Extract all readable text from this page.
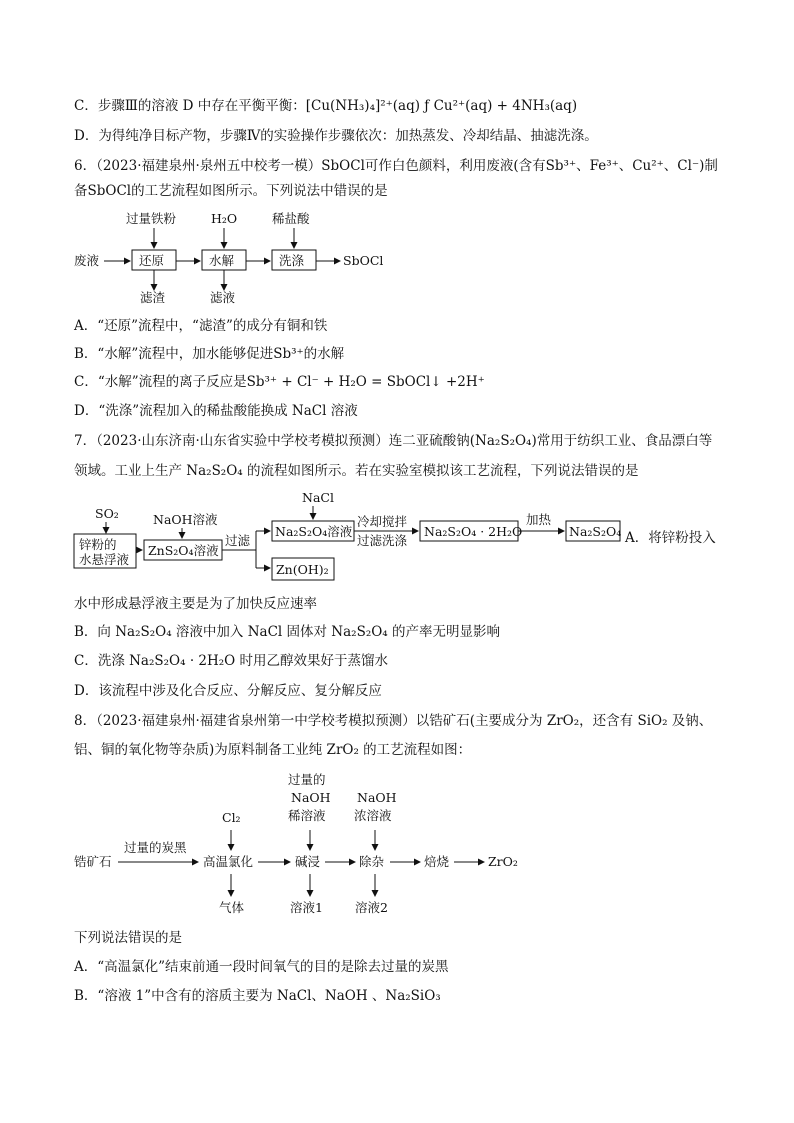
C．步骤Ⅲ的溶液 D 中存在平衡平衡：[Cu(NH₃)₄]²⁺(aq) ƒ Cu²⁺(aq) + 4NH₃(aq)
D．为得纯净目标产物，步骤Ⅳ的实验操作步骤依次：加热蒸发、冷却结晶、抽滤洗涤。
6．（2023·福建泉州·泉州五中校考一模）SbOCl可作白色颜料，利用废液(含有Sb³⁺、Fe³⁺、Cu²⁺、Cl⁻)制
备SbOCl的工艺流程如图所示。下列说法中错误的是
废液	还原	水解	洗涤	SbOCl
过量铁粉	H₂O	稀盐酸
滤渣	滤液
SO₂
锌粉的
水悬浮液
NaOH溶液
ZnS₂O₄溶液
过滤
NaCl
Na₂S₂O₄溶液
冷却搅拌
过滤洗涤
Na₂S₂O₄ · 2H₂O
加热
Na₂S₂O₄
Zn(OH)₂
锆矿石
过量的炭黑
高温氯化	碱浸	除杂	焙烧	ZrO₂
Cl₂
过量的
NaOH
稀溶液
NaOH
浓溶液
气体	溶液1	溶液2
A．“还原”流程中，“滤渣”的成分有铜和铁
B．“水解”流程中，加水能够促进Sb³⁺的水解
C．“水解”流程的离子反应是Sb³⁺ + Cl⁻ + H₂O = SbOCl↓ +2H⁺
D．“洗涤”流程加入的稀盐酸能换成 NaCl 溶液
7．（2023·山东济南·山东省实验中学校考模拟预测）连二亚硫酸钠(Na₂S₂O₄)常用于纺织工业、食品漂白等
领域。工业上生产 Na₂S₂O₄ 的流程如图所示。若在实验室模拟该工艺流程，下列说法错误的是
A．将锌粉投入
水中形成悬浮液主要是为了加快反应速率
B．向 Na₂S₂O₄ 溶液中加入 NaCl 固体对 Na₂S₂O₄ 的产率无明显影响
C．洗涤 Na₂S₂O₄ · 2H₂O 时用乙醇效果好于蒸馏水
D．该流程中涉及化合反应、分解反应、复分解反应
8．（2023·福建泉州·福建省泉州第一中学校考模拟预测）以锆矿石(主要成分为 ZrO₂，还含有 SiO₂ 及钠、
铝、铜的氧化物等杂质)为原料制备工业纯 ZrO₂ 的工艺流程如图：
下列说法错误的是
A．“高温氯化”结束前通一段时间氧气的目的是除去过量的炭黑
B．“溶液 1”中含有的溶质主要为 NaCl、NaOH 、Na₂SiO₃
